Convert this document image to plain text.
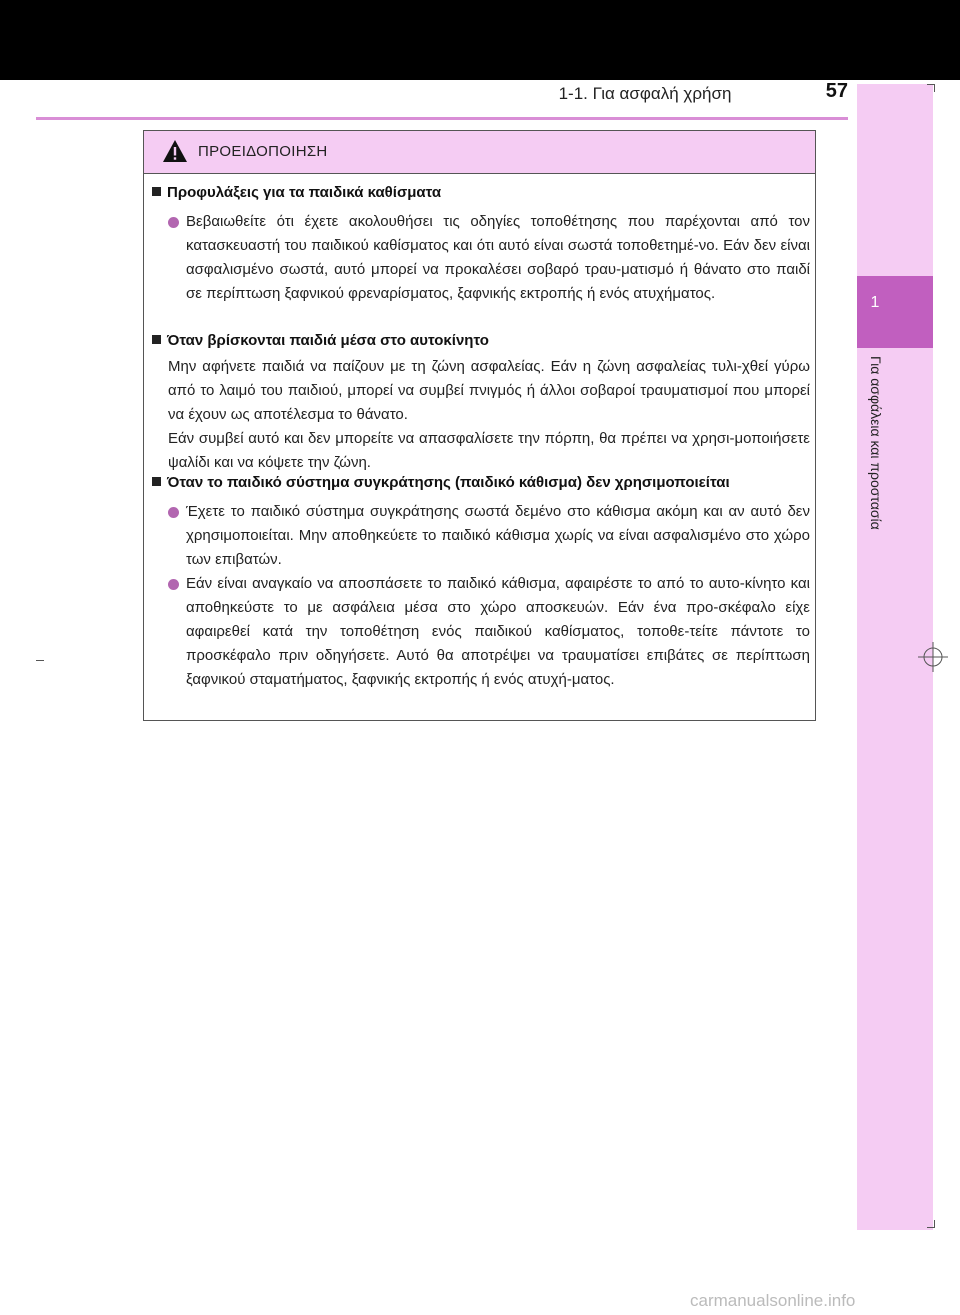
1-1. Για ασφαλή χρήση	57
1
Για ασφάλεια και προστασία
ΠΡΟΕΙΔΟΠΟΙΗΣΗ
Προφυλάξεις για τα παιδικά καθίσματα
Βεβαιωθείτε ότι έχετε ακολουθήσει τις οδηγίες τοποθέτησης που παρέχονται από τον κατασκευαστή του παιδικού καθίσματος και ότι αυτό είναι σωστά τοποθετημέ-νο. Εάν δεν είναι ασφαλισμένο σωστά, αυτό μπορεί να προκαλέσει σοβαρό τραυ-ματισμό ή θάνατο στο παιδί σε περίπτωση ξαφνικού φρεναρίσματος, ξαφνικής εκτροπής ή ενός ατυχήματος.
Όταν βρίσκονται παιδιά μέσα στο αυτοκίνητο
Μην αφήνετε παιδιά να παίζουν με τη ζώνη ασφαλείας. Εάν η ζώνη ασφαλείας τυλι-χθεί γύρω από το λαιμό του παιδιού, μπορεί να συμβεί πνιγμός ή άλλοι σοβαροί τραυματισμοί που μπορεί να έχουν ως αποτέλεσμα το θάνατο.
Εάν συμβεί αυτό και δεν μπορείτε να απασφαλίσετε την πόρπη, θα πρέπει να χρησι-μοποιήσετε ψαλίδι και να κόψετε την ζώνη.
Όταν το παιδικό σύστημα συγκράτησης (παιδικό κάθισμα) δεν χρησιμοποιείται
Έχετε το παιδικό σύστημα συγκράτησης σωστά δεμένο στο κάθισμα ακόμη και αν αυτό δεν χρησιμοποιείται. Μην αποθηκεύετε το παιδικό κάθισμα χωρίς να είναι ασφαλισμένο στο χώρο των επιβατών.
Εάν είναι αναγκαίο να αποσπάσετε το παιδικό κάθισμα, αφαιρέστε το από το αυτο-κίνητο και αποθηκεύστε το με ασφάλεια μέσα στο χώρο αποσκευών. Εάν ένα προ-σκέφαλο είχε αφαιρεθεί κατά την τοποθέτηση ενός παιδικού καθίσματος, τοποθε-τείτε πάντοτε το προσκέφαλο πριν οδηγήσετε. Αυτό θα αποτρέψει να τραυματίσει επιβάτες σε περίπτωση ξαφνικού σταματήματος, ξαφνικής εκτροπής ή ενός ατυχή-ματος.
carmanualsonline.info
